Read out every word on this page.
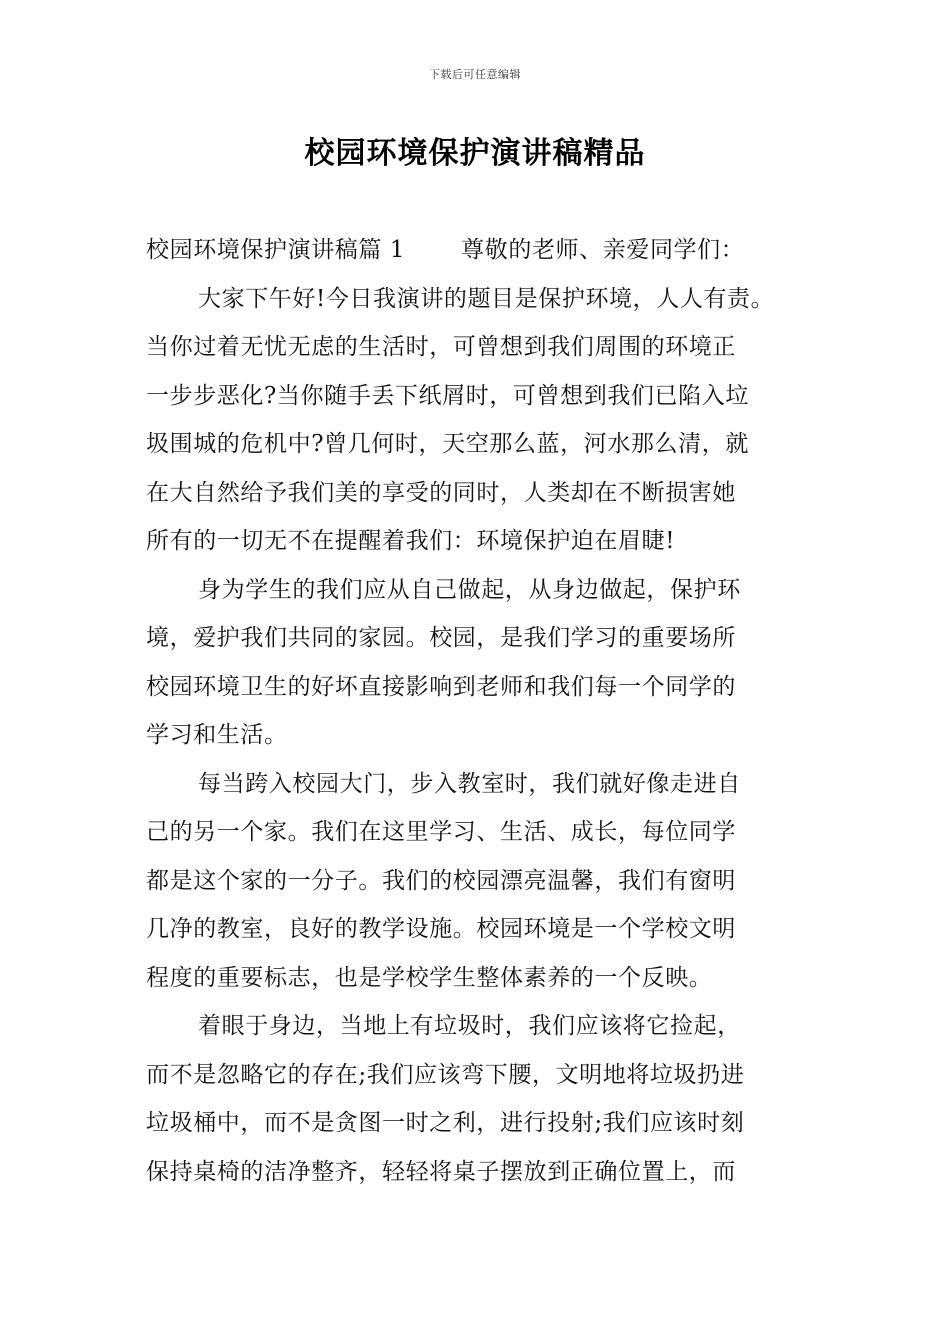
下载后可任意编辑
校园环境保护演讲稿精品
校园环境保护演讲稿篇 1 尊敬的老师、亲爱同学们：
大家下午好!今日我演讲的题目是保护环境，人人有责。
当你过着无忧无虑的生活时，可曾想到我们周围的环境正
一步步恶化?当你随手丢下纸屑时，可曾想到我们已陷入垃
圾围城的危机中?曾几何时，天空那么蓝，河水那么清，就
在大自然给予我们美的享受的同时，人类却在不断损害她
所有的一切无不在提醒着我们：环境保护迫在眉睫!
身为学生的我们应从自己做起，从身边做起，保护环
境，爱护我们共同的家园。校园，是我们学习的重要场所
校园环境卫生的好坏直接影响到老师和我们每一个同学的
学习和生活。
每当跨入校园大门，步入教室时，我们就好像走进自
己的另一个家。我们在这里学习、生活、成长，每位同学
都是这个家的一分子。我们的校园漂亮温馨，我们有窗明
几净的教室，良好的教学设施。校园环境是一个学校文明
程度的重要标志，也是学校学生整体素养的一个反映。
着眼于身边，当地上有垃圾时，我们应该将它捡起，
而不是忽略它的存在;我们应该弯下腰，文明地将垃圾扔进
垃圾桶中，而不是贪图一时之利，进行投射;我们应该时刻
保持桌椅的洁净整齐，轻轻将桌子摆放到正确位置上，而
